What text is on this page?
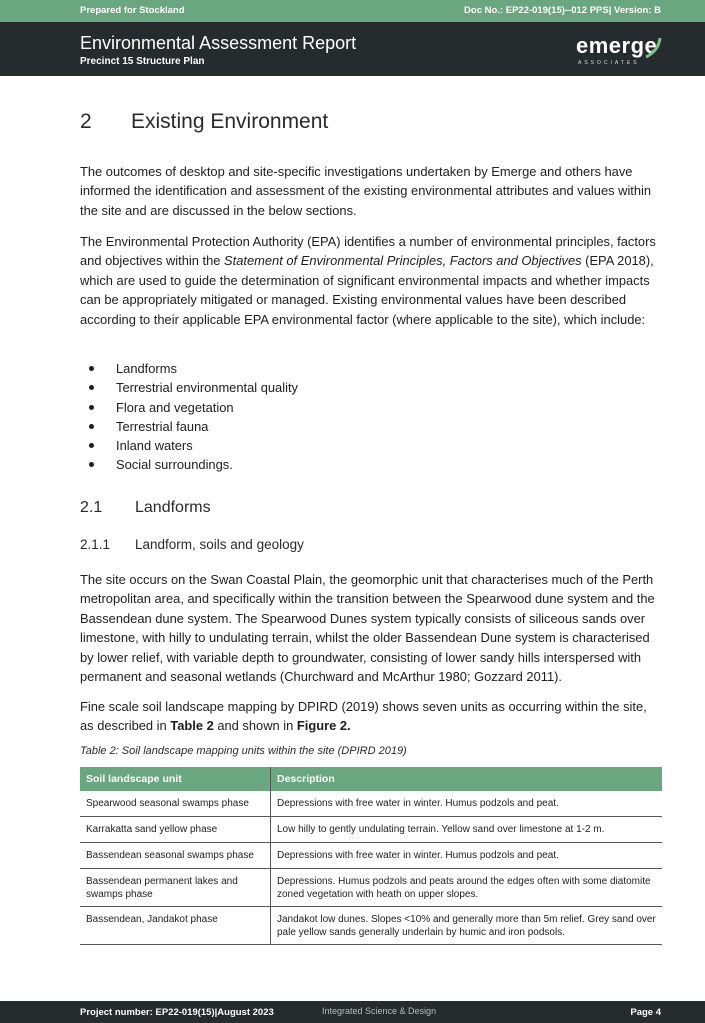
Prepared for Stockland	Doc No.: EP22-019(15)--012 PPS| Version: B
Environmental Assessment Report
Precinct 15 Structure Plan
emerge
ASSOCIATES
2 Existing Environment
The outcomes of desktop and site-specific investigations undertaken by Emerge and others have informed the identification and assessment of the existing environmental attributes and values within the site and are discussed in the below sections.
The Environmental Protection Authority (EPA) identifies a number of environmental principles, factors and objectives within the Statement of Environmental Principles, Factors and Objectives (EPA 2018), which are used to guide the determination of significant environmental impacts and whether impacts can be appropriately mitigated or managed. Existing environmental values have been described according to their applicable EPA environmental factor (where applicable to the site), which include:
Landforms
Terrestrial environmental quality
Flora and vegetation
Terrestrial fauna
Inland waters
Social surroundings.
2.1 Landforms
2.1.1 Landform, soils and geology
The site occurs on the Swan Coastal Plain, the geomorphic unit that characterises much of the Perth metropolitan area, and specifically within the transition between the Spearwood dune system and the Bassendean dune system. The Spearwood Dunes system typically consists of siliceous sands over limestone, with hilly to undulating terrain, whilst the older Bassendean Dune system is characterised by lower relief, with variable depth to groundwater, consisting of lower sandy hills interspersed with permanent and seasonal wetlands (Churchward and McArthur 1980; Gozzard 2011).
Fine scale soil landscape mapping by DPIRD (2019) shows seven units as occurring within the site, as described in Table 2 and shown in Figure 2.
Table 2: Soil landscape mapping units within the site (DPIRD 2019)
Soil landscape unit	Description
Spearwood seasonal swamps phase	Depressions with free water in winter. Humus podzols and peat.
Karrakatta sand yellow phase	Low hilly to gently undulating terrain. Yellow sand over limestone at 1-2 m.
Bassendean seasonal swamps phase	Depressions with free water in winter. Humus podzols and peat.
Bassendean permanent lakes and swamps phase	Depressions. Humus podzols and peats around the edges often with some diatomite zoned vegetation with heath on upper slopes.
Bassendean, Jandakot phase	Jandakot low dunes. Slopes <10% and generally more than 5m relief. Grey sand over pale yellow sands generally underlain by humic and iron podsols.
Project number: EP22-019(15)|August 2023	Integrated Science & Design	Page 4
